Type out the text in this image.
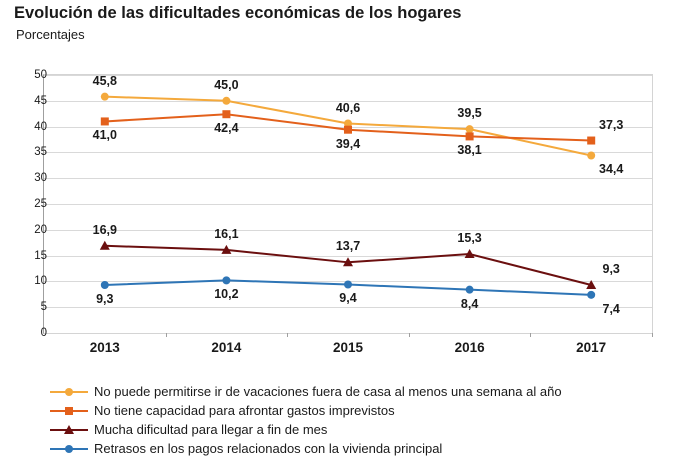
Evolución de las dificultades económicas de los hogares
Porcentajes
0
5
10
15
20
25
30
35
40
45
50
2013	2014	2015	2016	2017
45,8	45,0
40,6	39,5
34,4
41,0
42,4
39,4	38,1
37,3
16,9	16,1
13,7
15,3
9,3
9,3	10,2	9,4	8,4	7,4
No puede permitirse ir de vacaciones fuera de casa al menos una semana al año
No tiene capacidad para afrontar gastos imprevistos
Mucha dificultad para llegar a fin de mes
Retrasos en los pagos relacionados con la vivienda principal
